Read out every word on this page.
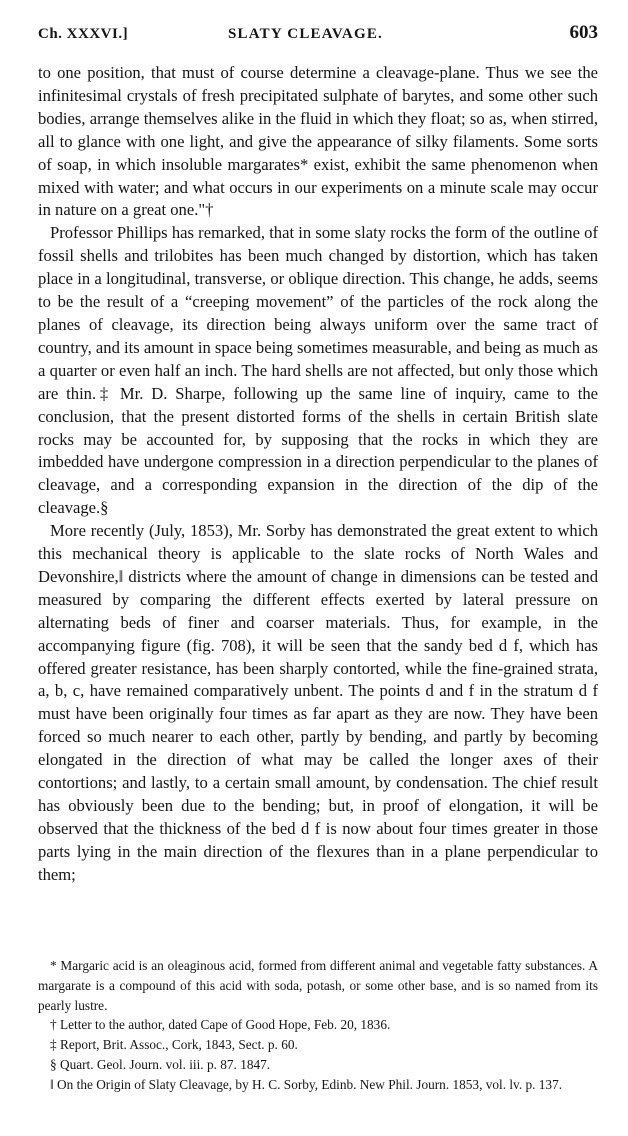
Ch. XXXVI.]	SLATY CLEAVAGE.	603

to one position, that must of course determine a cleavage-plane. Thus we see the infinitesimal crystals of fresh precipitated sulphate of barytes, and some other such bodies, arrange themselves alike in the fluid in which they float; so as, when stirred, all to glance with one light, and give the appearance of silky filaments. Some sorts of soap, in which insoluble margarates* exist, exhibit the same phenomenon when mixed with water; and what occurs in our experiments on a minute scale may occur in nature on a great one."†

Professor Phillips has remarked, that in some slaty rocks the form of the outline of fossil shells and trilobites has been much changed by distortion, which has taken place in a longitudinal, transverse, or oblique direction. This change, he adds, seems to be the result of a “creeping movement” of the particles of the rock along the planes of cleavage, its direction being always uniform over the same tract of country, and its amount in space being sometimes measurable, and being as much as a quarter or even half an inch. The hard shells are not affected, but only those which are thin.‡ Mr. D. Sharpe, following up the same line of inquiry, came to the conclusion, that the present distorted forms of the shells in certain British slate rocks may be accounted for, by supposing that the rocks in which they are imbedded have undergone compression in a direction perpendicular to the planes of cleavage, and a corresponding expansion in the direction of the dip of the cleavage.§

More recently (July, 1853), Mr. Sorby has demonstrated the great extent to which this mechanical theory is applicable to the slate rocks of North Wales and Devonshire,‖ districts where the amount of change in dimensions can be tested and measured by comparing the different effects exerted by lateral pressure on alternating beds of finer and coarser materials. Thus, for example, in the accompanying figure (fig. 708), it will be seen that the sandy bed d f, which has offered greater resistance, has been sharply contorted, while the fine-grained strata, a, b, c, have remained comparatively unbent. The points d and f in the stratum d f must have been originally four times as far apart as they are now. They have been forced so much nearer to each other, partly by bending, and partly by becoming elongated in the direction of what may be called the longer axes of their contortions; and lastly, to a certain small amount, by condensation. The chief result has obviously been due to the bending; but, in proof of elongation, it will be observed that the thickness of the bed d f is now about four times greater in those parts lying in the main direction of the flexures than in a plane perpendicular to them;

* Margaric acid is an oleaginous acid, formed from different animal and vegetable fatty substances. A margarate is a compound of this acid with soda, potash, or some other base, and is so named from its pearly lustre.

† Letter to the author, dated Cape of Good Hope, Feb. 20, 1836.

‡ Report, Brit. Assoc., Cork, 1843, Sect. p. 60.

§ Quart. Geol. Journ. vol. iii. p. 87. 1847.

‖ On the Origin of Slaty Cleavage, by H. C. Sorby, Edinb. New Phil. Journ. 1853, vol. lv. p. 137.
